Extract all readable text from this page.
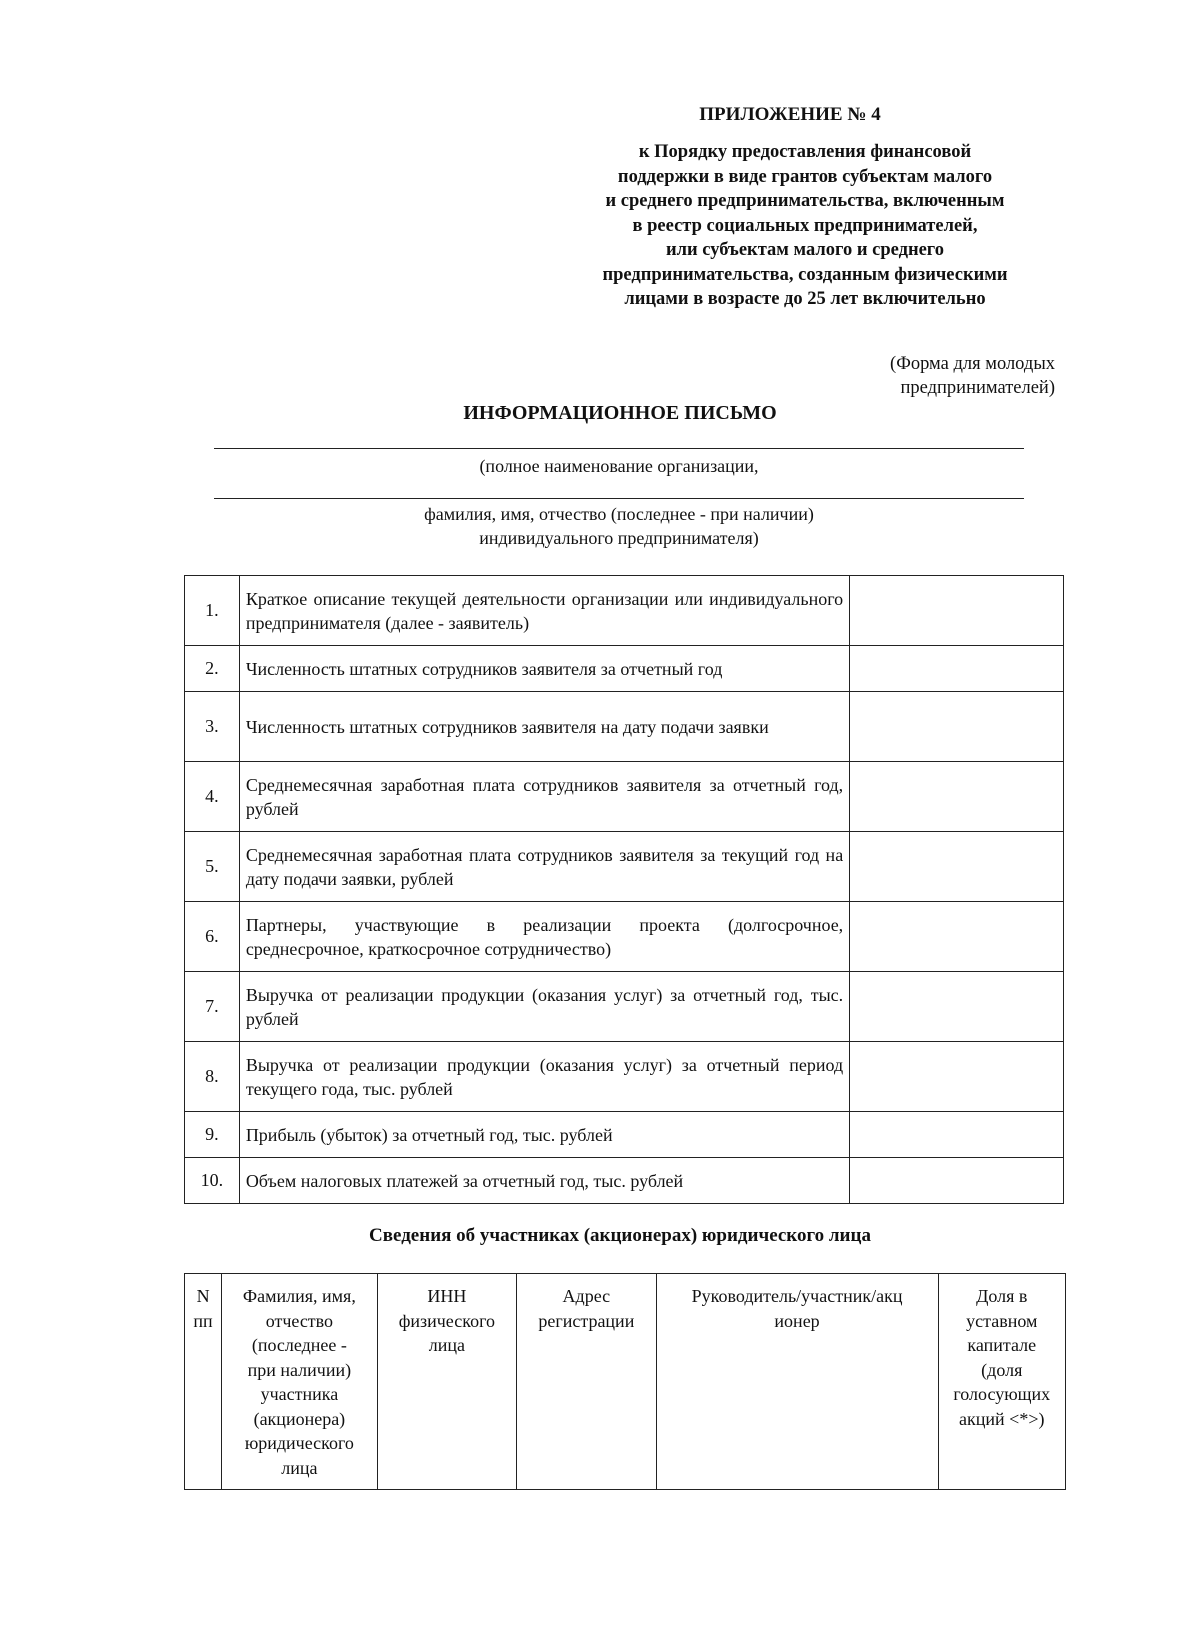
ПРИЛОЖЕНИЕ № 4
к Порядку предоставления финансовой
поддержки в виде грантов субъектам малого
и среднего предпринимательства, включенным
в реестр социальных предпринимателей,
или субъектам малого и среднего
предпринимательства, созданным физическими
лицами в возрасте до 25 лет включительно
(Форма для молодых
предпринимателей)
ИНФОРМАЦИОННОЕ ПИСЬМО
(полное наименование организации,
фамилия, имя, отчество (последнее - при наличии)
индивидуального предпринимателя)
1.	Краткое описание текущей деятельности организации или индивидуального предпринимателя (далее - заявитель)	
2.	Численность штатных сотрудников заявителя за отчетный год	
3.	Численность штатных сотрудников заявителя на дату подачи заявки	
4.	Среднемесячная заработная плата сотрудников заявителя за отчетный год, рублей	
5.	Среднемесячная заработная плата сотрудников заявителя за текущий год на дату подачи заявки, рублей	
6.	Партнеры, участвующие в реализации проекта (долгосрочное, среднесрочное, краткосрочное сотрудничество)	
7.	Выручка от реализации продукции (оказания услуг) за отчетный год, тыс. рублей	
8.	Выручка от реализации продукции (оказания услуг) за отчетный период текущего года, тыс. рублей	
9.	Прибыль (убыток) за отчетный год, тыс. рублей	
10.	Объем налоговых платежей за отчетный год, тыс. рублей	
Сведения об участниках (акционерах) юридического лица
N
пп

Фамилия, имя,
отчество
(последнее -
при наличии)
участника
(акционера)
юридического
лица

ИНН
физического
лица

Адрес
регистрации

Руководитель/участник/акц
ионер

Доля в
уставном
капитале
(доля
голосующих
акций <*>)
